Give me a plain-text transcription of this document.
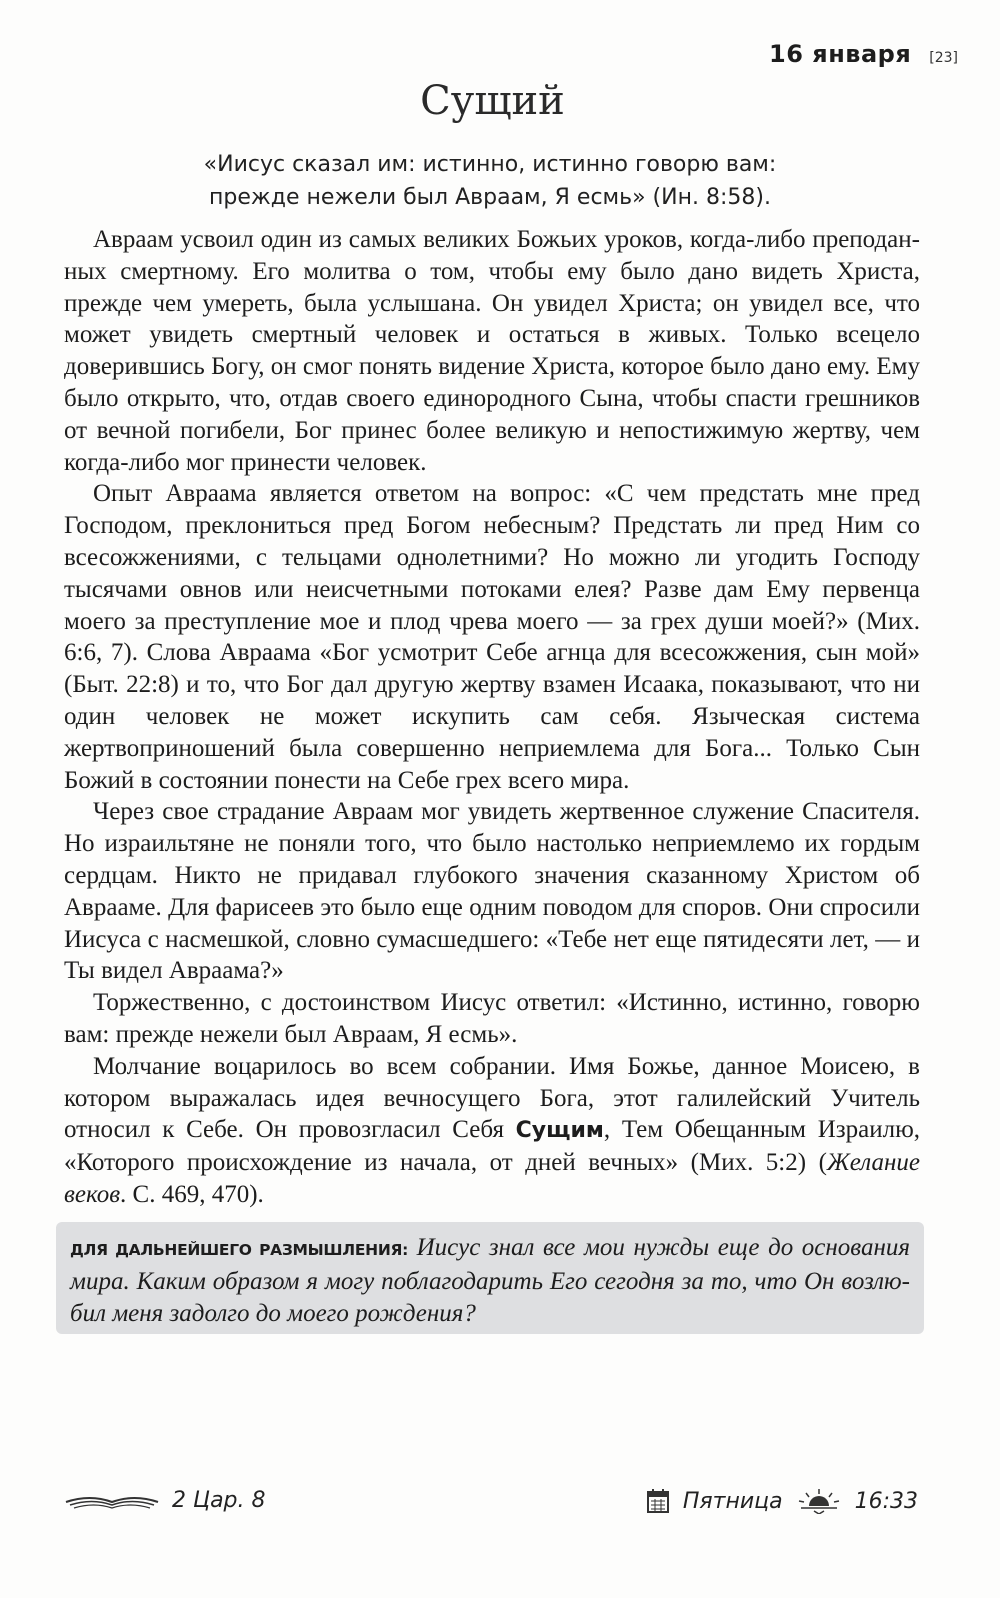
16 января [23]
Сущий
«Иисус сказал им: истинно, истинно говорю вам:
прежде нежели был Авраам, Я есмь» (Ин. 8:58).

Авраам усвоил один из самых великих Божьих уроков, когда-либо преподанных смертному. Его молитва о том, чтобы ему было дано видеть Христа, прежде чем умереть, была услышана. Он увидел Христа; он увидел все, что может увидеть смертный человек и остаться в живых. Только всецело доверившись Богу, он смог понять видение Христа, которое было дано ему. Ему было открыто, что, отдав своего единородного Сына, чтобы спасти грешников от вечной погибели, Бог принес более великую и непостижимую жертву, чем когда-либо мог принести человек.

Опыт Авраама является ответом на вопрос: «С чем предстать мне пред Господом, преклониться пред Богом небесным? Предстать ли пред Ним со всесожжениями, с тельцами однолетними? Но можно ли угодить Господу тысячами овнов или неисчетными потоками елея? Разве дам Ему первенца моего за преступление мое и плод чрева моего — за грех души моей?» (Мих. 6:6, 7). Слова Авраама «Бог усмотрит Себе агнца для всесожжения, сын мой» (Быт. 22:8) и то, что Бог дал другую жертву взамен Исаака, показывают, что ни один человек не может искупить сам себя. Языческая система жертвоприношений была совершенно неприемлема для Бога... Только Сын Божий в состоянии понести на Себе грех всего мира.

Через свое страдание Авраам мог увидеть жертвенное служение Спасителя. Но израильтяне не поняли того, что было настолько неприемлемо их гордым сердцам. Никто не придавал глубокого значения сказанному Христом об Аврааме. Для фарисеев это было еще одним поводом для споров. Они спросили Иисуса с насмешкой, словно сумасшедшего: «Тебе нет еще пятидесяти лет, — и Ты видел Авраама?»

Торжественно, с достоинством Иисус ответил: «Истинно, истинно, говорю вам: прежде нежели был Авраам, Я есмь».

Молчание воцарилось во всем собрании. Имя Божье, данное Моисею, в котором выражалась идея вечносущего Бога, этот галилейский Учитель относил к Себе. Он провозгласил Себя Сущим, Тем Обещанным Израилю, «Которого происхождение из начала, от дней вечных» (Мих. 5:2) (Желание веков. С. 469, 470).

ДЛЯ ДАЛЬНЕЙШЕГО РАЗМЫШЛЕНИЯ: Иисус знал все мои нужды еще до основания мира. Каким образом я могу поблагодарить Его сегодня за то, что Он возлюбил меня задолго до моего рождения?
2 Цар. 8	Пятница	16:33
